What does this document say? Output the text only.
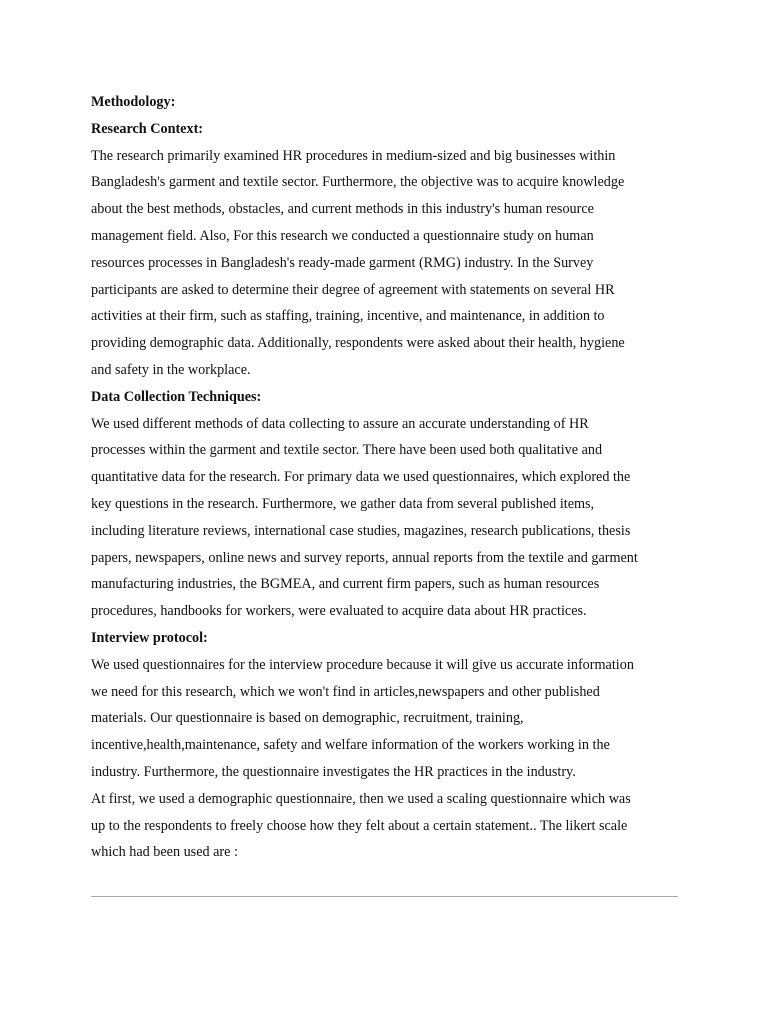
Methodology:
Research Context:
The research primarily examined HR procedures in medium-sized and big businesses within
Bangladesh's garment and textile sector. Furthermore, the objective was to acquire knowledge
about the best methods, obstacles, and current methods in this industry's human resource
management field. Also, For this research we conducted a questionnaire study on human
resources processes in Bangladesh's ready-made garment (RMG) industry. In the Survey
participants are asked to determine their degree of agreement with statements on several HR
activities at their firm, such as staffing, training, incentive, and maintenance, in addition to
providing demographic data. Additionally, respondents were asked about their health, hygiene
and safety in the workplace.
Data Collection Techniques:
We used different methods of data collecting to assure an accurate understanding of HR
processes within the garment and textile sector. There have been used both qualitative and
quantitative data for the research. For primary data we used questionnaires, which explored the
key questions in the research. Furthermore, we gather data from several published items,
including literature reviews, international case studies, magazines, research publications, thesis
papers, newspapers, online news and survey reports, annual reports from the textile and garment
manufacturing industries, the BGMEA, and current firm papers, such as human resources
procedures, handbooks for workers, were evaluated to acquire data about HR practices.
Interview protocol:
We used questionnaires for the interview procedure because it will give us accurate information
we need for this research, which we won't find in articles,newspapers and other published
materials. Our questionnaire is based on demographic, recruitment, training,
incentive,health,maintenance, safety and welfare information of the workers working in the
industry. Furthermore, the questionnaire investigates the HR practices in the industry.
At first, we used a demographic questionnaire, then we used a scaling questionnaire which was
up to the respondents to freely choose how they felt about a certain statement.. The likert scale
which had been used are :
